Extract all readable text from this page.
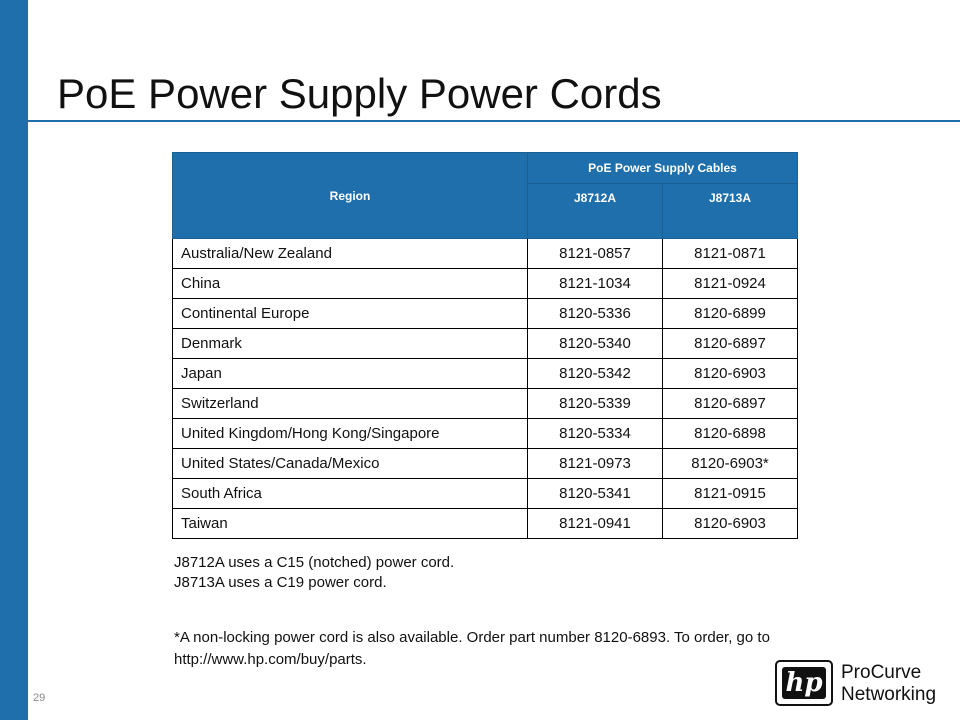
PoE Power Supply Power Cords
Region	PoE Power Supply Cables	
	J8712A	J8713A
Australia/New Zealand	8121-0857	8121-0871
China	8121-1034	8121-0924
Continental Europe	8120-5336	8120-6899
Denmark	8120-5340	8120-6897
Japan	8120-5342	8120-6903
Switzerland	8120-5339	8120-6897
United Kingdom/Hong Kong/Singapore	8120-5334	8120-6898
United States/Canada/Mexico	8121-0973	8120-6903*
South Africa	8120-5341	8121-0915
Taiwan	8121-0941	8120-6903
J8712A uses a C15 (notched) power cord.
J8713A uses a C19 power cord.
*A non-locking power cord is also available. Order part number 8120-6893. To order, go to http://www.hp.com/buy/parts.
29	hp ProCurve
Networking
